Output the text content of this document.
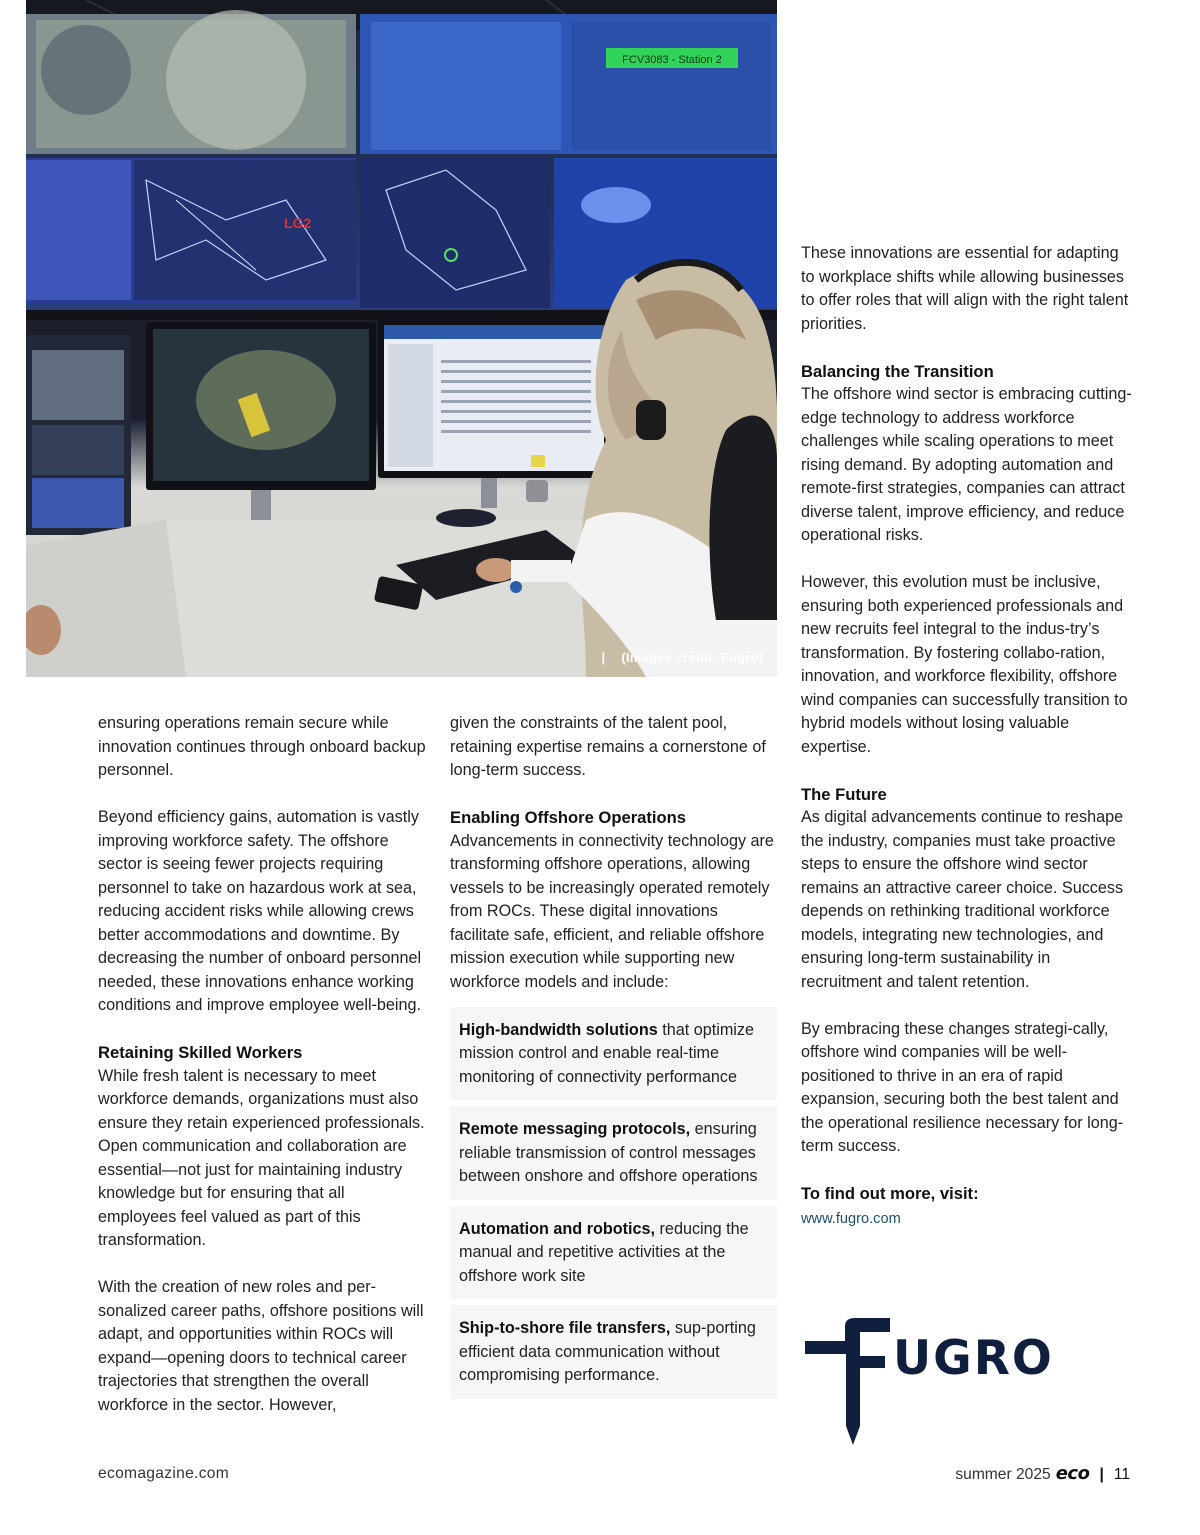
FCV3083 - Station 2
LG2
| (Images credit: Fugro)

ensuring operations remain secure while innovation continues through onboard backup personnel.

Beyond efficiency gains, automation is vastly improving workforce safety. The offshore sector is seeing fewer projects requiring personnel to take on hazardous work at sea, reducing accident risks while allowing crews better accommodations and downtime. By decreasing the number of onboard personnel needed, these innovations enhance working conditions and improve employee well-being.

Retaining Skilled Workers

While fresh talent is necessary to meet workforce demands, organizations must also ensure they retain experienced professionals. Open communication and collaboration are essential—not just for maintaining industry knowledge but for ensuring that all employees feel valued as part of this transformation.

With the creation of new roles and per-sonalized career paths, offshore positions will adapt, and opportunities within ROCs will expand—opening doors to technical career trajectories that strengthen the overall workforce in the sector. However,

given the constraints of the talent pool, retaining expertise remains a cornerstone of long-term success.

Enabling Offshore Operations

Advancements in connectivity technology are transforming offshore operations, allowing vessels to be increasingly operated remotely from ROCs. These digital innovations facilitate safe, efficient, and reliable offshore mission execution while supporting new workforce models and include:

High-bandwidth solutions that optimize mission control and enable real-time monitoring of connectivity performance
Remote messaging protocols, ensuring reliable transmission of control messages between onshore and offshore operations
Automation and robotics, reducing the manual and repetitive activities at the offshore work site
Ship-to-shore file transfers, sup-porting efficient data communication without compromising performance.

These innovations are essential for adapting to workplace shifts while allowing businesses to offer roles that will align with the right talent priorities.

Balancing the Transition

The offshore wind sector is embracing cutting-edge technology to address workforce challenges while scaling operations to meet rising demand. By adopting automation and remote-first strategies, companies can attract diverse talent, improve efficiency, and reduce operational risks.

However, this evolution must be inclusive, ensuring both experienced professionals and new recruits feel integral to the indus-try’s transformation. By fostering collabo-ration, innovation, and workforce flexibility, offshore wind companies can successfully transition to hybrid models without losing valuable expertise.

The Future

As digital advancements continue to reshape the industry, companies must take proactive steps to ensure the offshore wind sector remains an attractive career choice. Success depends on rethinking traditional workforce models, integrating new technologies, and ensuring long-term sustainability in recruitment and talent retention.

By embracing these changes strategi-cally, offshore wind companies will be well-positioned to thrive in an era of rapid expansion, securing both the best talent and the operational resilience necessary for long-term success.

To find out more, visit:
www.fugro.com
UGRO
ecomagazine.com	summer 2025 eco | 11
